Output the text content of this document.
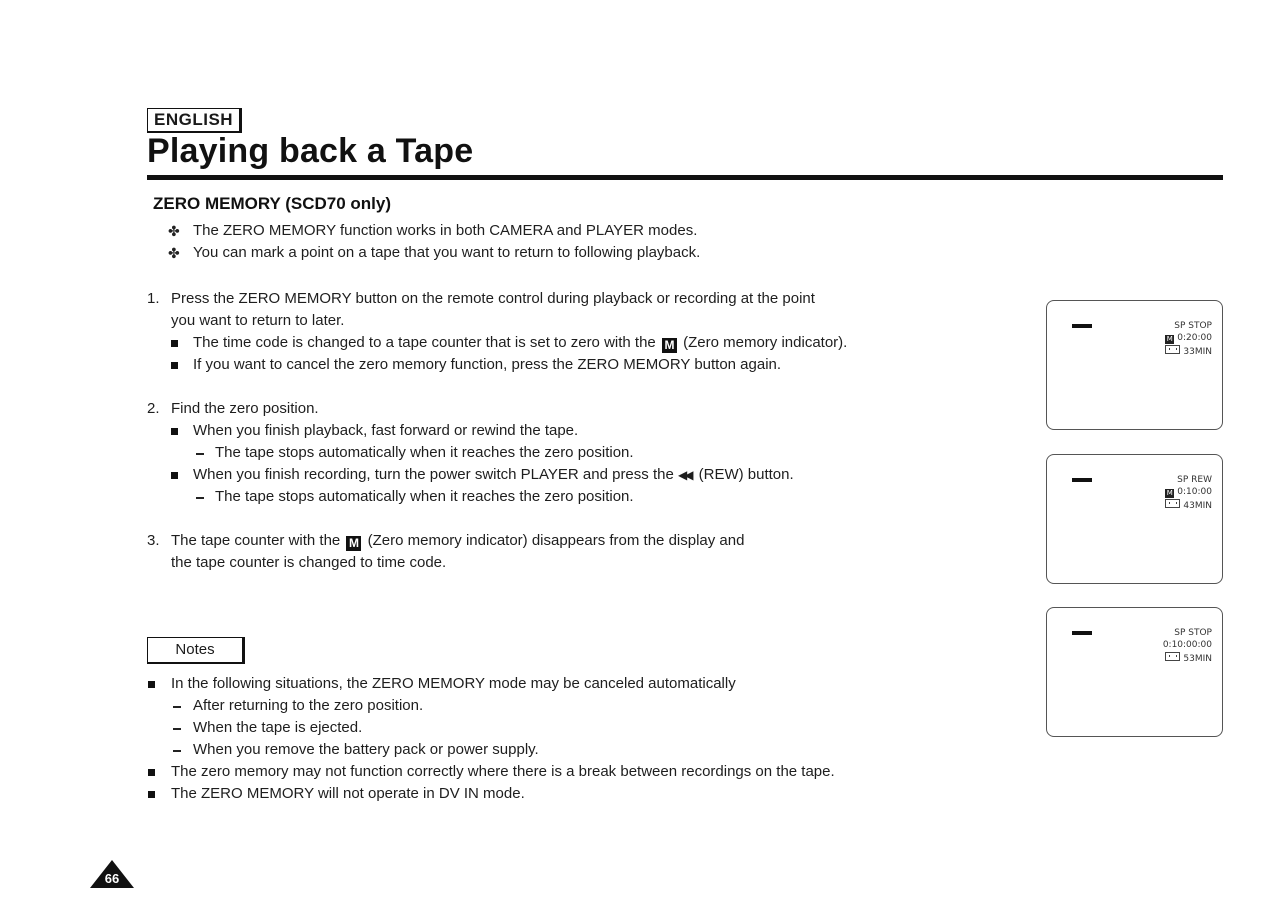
ENGLISH
Playing back a Tape
ZERO MEMORY (SCD70 only)
✤ The ZERO MEMORY function works in both CAMERA and PLAYER modes.
✤ You can mark a point on a tape that you want to return to following playback.
1. Press the ZERO MEMORY button on the remote control during playback or recording at the point
you want to return to later.
The time code is changed to a tape counter that is set to zero with the M (Zero memory indicator).
If you want to cancel the zero memory function, press the ZERO MEMORY button again.
2. Find the zero position.
When you finish playback, fast forward or rewind the tape.
The tape stops automatically when it reaches the zero position.
When you finish recording, turn the power switch PLAYER and press the ◀◀ (REW) button.
The tape stops automatically when it reaches the zero position.
3. The tape counter with the M (Zero memory indicator) disappears from the display and
the tape counter is changed to time code.
Notes
In the following situations, the ZERO MEMORY mode may be canceled automatically
After returning to the zero position.
When the tape is ejected.
When you remove the battery pack or power supply.
The zero memory may not function correctly where there is a break between recordings on the tape.
The ZERO MEMORY will not operate in DV IN mode.
SP STOP
M 0:20:00
33MIN
SP REW
M 0:10:00
43MIN
SP STOP
0:10:00:00
53MIN
66
